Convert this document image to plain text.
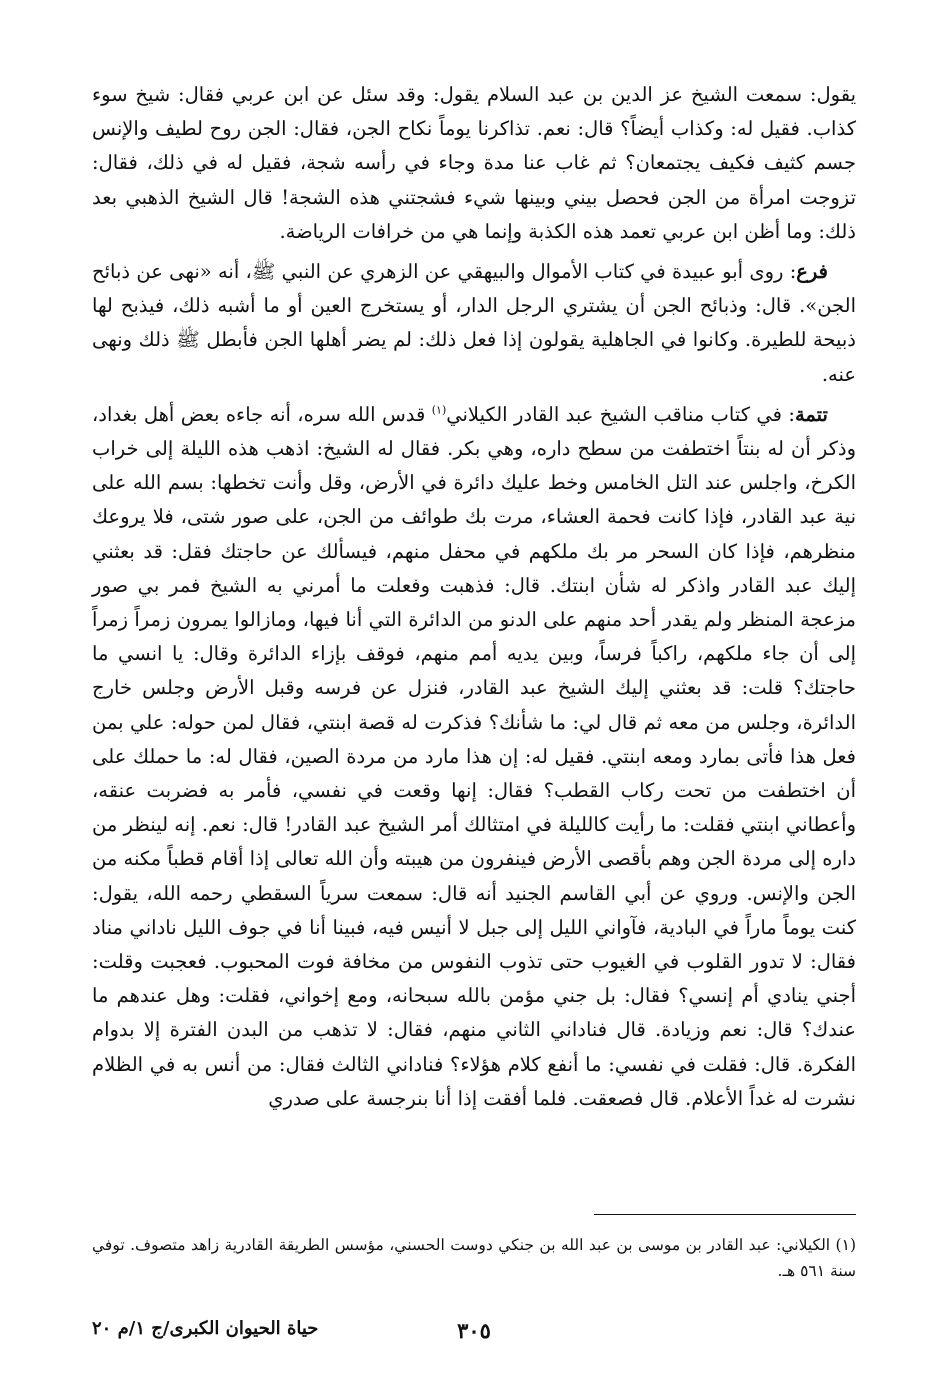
يقول: سمعت الشيخ عز الدين بن عبد السلام يقول: وقد سئل عن ابن عربي فقال: شيخ سوء كذاب. فقيل له: وكذاب أيضاً؟ قال: نعم. تذاكرنا يوماً نكاح الجن، فقال: الجن روح لطيف والإنس جسم كثيف فكيف يجتمعان؟ ثم غاب عنا مدة وجاء في رأسه شجة، فقيل له في ذلك، فقال: تزوجت امرأة من الجن فحصل بيني وبينها شيء فشجتني هذه الشجة! قال الشيخ الذهبي بعد ذلك: وما أظن ابن عربي تعمد هذه الكذبة وإنما هي من خرافات الرياضة.

فرع: روى أبو عبيدة في كتاب الأموال والبيهقي عن الزهري عن النبي ﷺ، أنه «نهى عن ذبائح الجن». قال: وذبائح الجن أن يشتري الرجل الدار، أو يستخرج العين أو ما أشبه ذلك، فيذبح لها ذبيحة للطيرة. وكانوا في الجاهلية يقولون إذا فعل ذلك: لم يضر أهلها الجن فأبطل ﷺ ذلك ونهى عنه.

تتمة: في كتاب مناقب الشيخ عبد القادر الكيلاني$^{(١)}$ قدس الله سره، أنه جاءه بعض أهل بغداد، وذكر أن له بنتاً اختطفت من سطح داره، وهي بكر. فقال له الشيخ: اذهب هذه الليلة إلى خراب الكرخ، واجلس عند التل الخامس وخط عليك دائرة في الأرض، وقل وأنت تخطها: بسم الله على نية عبد القادر، فإذا كانت فحمة العشاء، مرت بك طوائف من الجن، على صور شتى، فلا يروعك منظرهم، فإذا كان السحر مر بك ملكهم في محفل منهم، فيسألك عن حاجتك فقل: قد بعثني إليك عبد القادر واذكر له شأن ابنتك. قال: فذهبت وفعلت ما أمرني به الشيخ فمر بي صور مزعجة المنظر ولم يقدر أحد منهم على الدنو من الدائرة التي أنا فيها، ومازالوا يمرون زمراً زمراً إلى أن جاء ملكهم، راكباً فرساً، وبين يديه أمم منهم، فوقف بإزاء الدائرة وقال: يا انسي ما حاجتك؟ قلت: قد بعثني إليك الشيخ عبد القادر، فنزل عن فرسه وقبل الأرض وجلس خارج الدائرة، وجلس من معه ثم قال لي: ما شأنك؟ فذكرت له قصة ابنتي، فقال لمن حوله: علي بمن فعل هذا فأتى بمارد ومعه ابنتي. فقيل له: إن هذا مارد من مردة الصين، فقال له: ما حملك على أن اختطفت من تحت ركاب القطب؟ فقال: إنها وقعت في نفسي، فأمر به فضربت عنقه، وأعطاني ابنتي فقلت: ما رأيت كالليلة في امتثالك أمر الشيخ عبد القادر! قال: نعم. إنه لينظر من داره إلى مردة الجن وهم بأقصى الأرض فينفرون من هيبته وأن الله تعالى إذا أقام قطباً مكنه من الجن والإنس. وروي عن أبي القاسم الجنيد أنه قال: سمعت سرياً السقطي رحمه الله، يقول: كنت يوماً ماراً في البادية، فآواني الليل إلى جبل لا أنيس فيه، فبينا أنا في جوف الليل ناداني مناد فقال: لا تدور القلوب في الغيوب حتى تذوب النفوس من مخافة فوت المحبوب. فعجبت وقلت: أجني ينادي أم إنسي؟ فقال: بل جني مؤمن بالله سبحانه، ومع إخواني، فقلت: وهل عندهم ما عندك؟ قال: نعم وزيادة. قال فناداني الثاني منهم، فقال: لا تذهب من البدن الفترة إلا بدوام الفكرة. قال: فقلت في نفسي: ما أنفع كلام هؤلاء؟ فناداني الثالث فقال: من أنس به في الظلام نشرت له غداً الأعلام. قال فصعقت. فلما أفقت إذا أنا بنرجسة على صدري

(١) الكيلاني: عبد القادر بن موسى بن عبد الله بن جنكي دوست الحسني، مؤسس الطريقة القادرية زاهد متصوف. توفي سنة ٥٦١ هـ.
٣٠٥
حياة الحيوان الكبرى/ج ١/م ٢٠
